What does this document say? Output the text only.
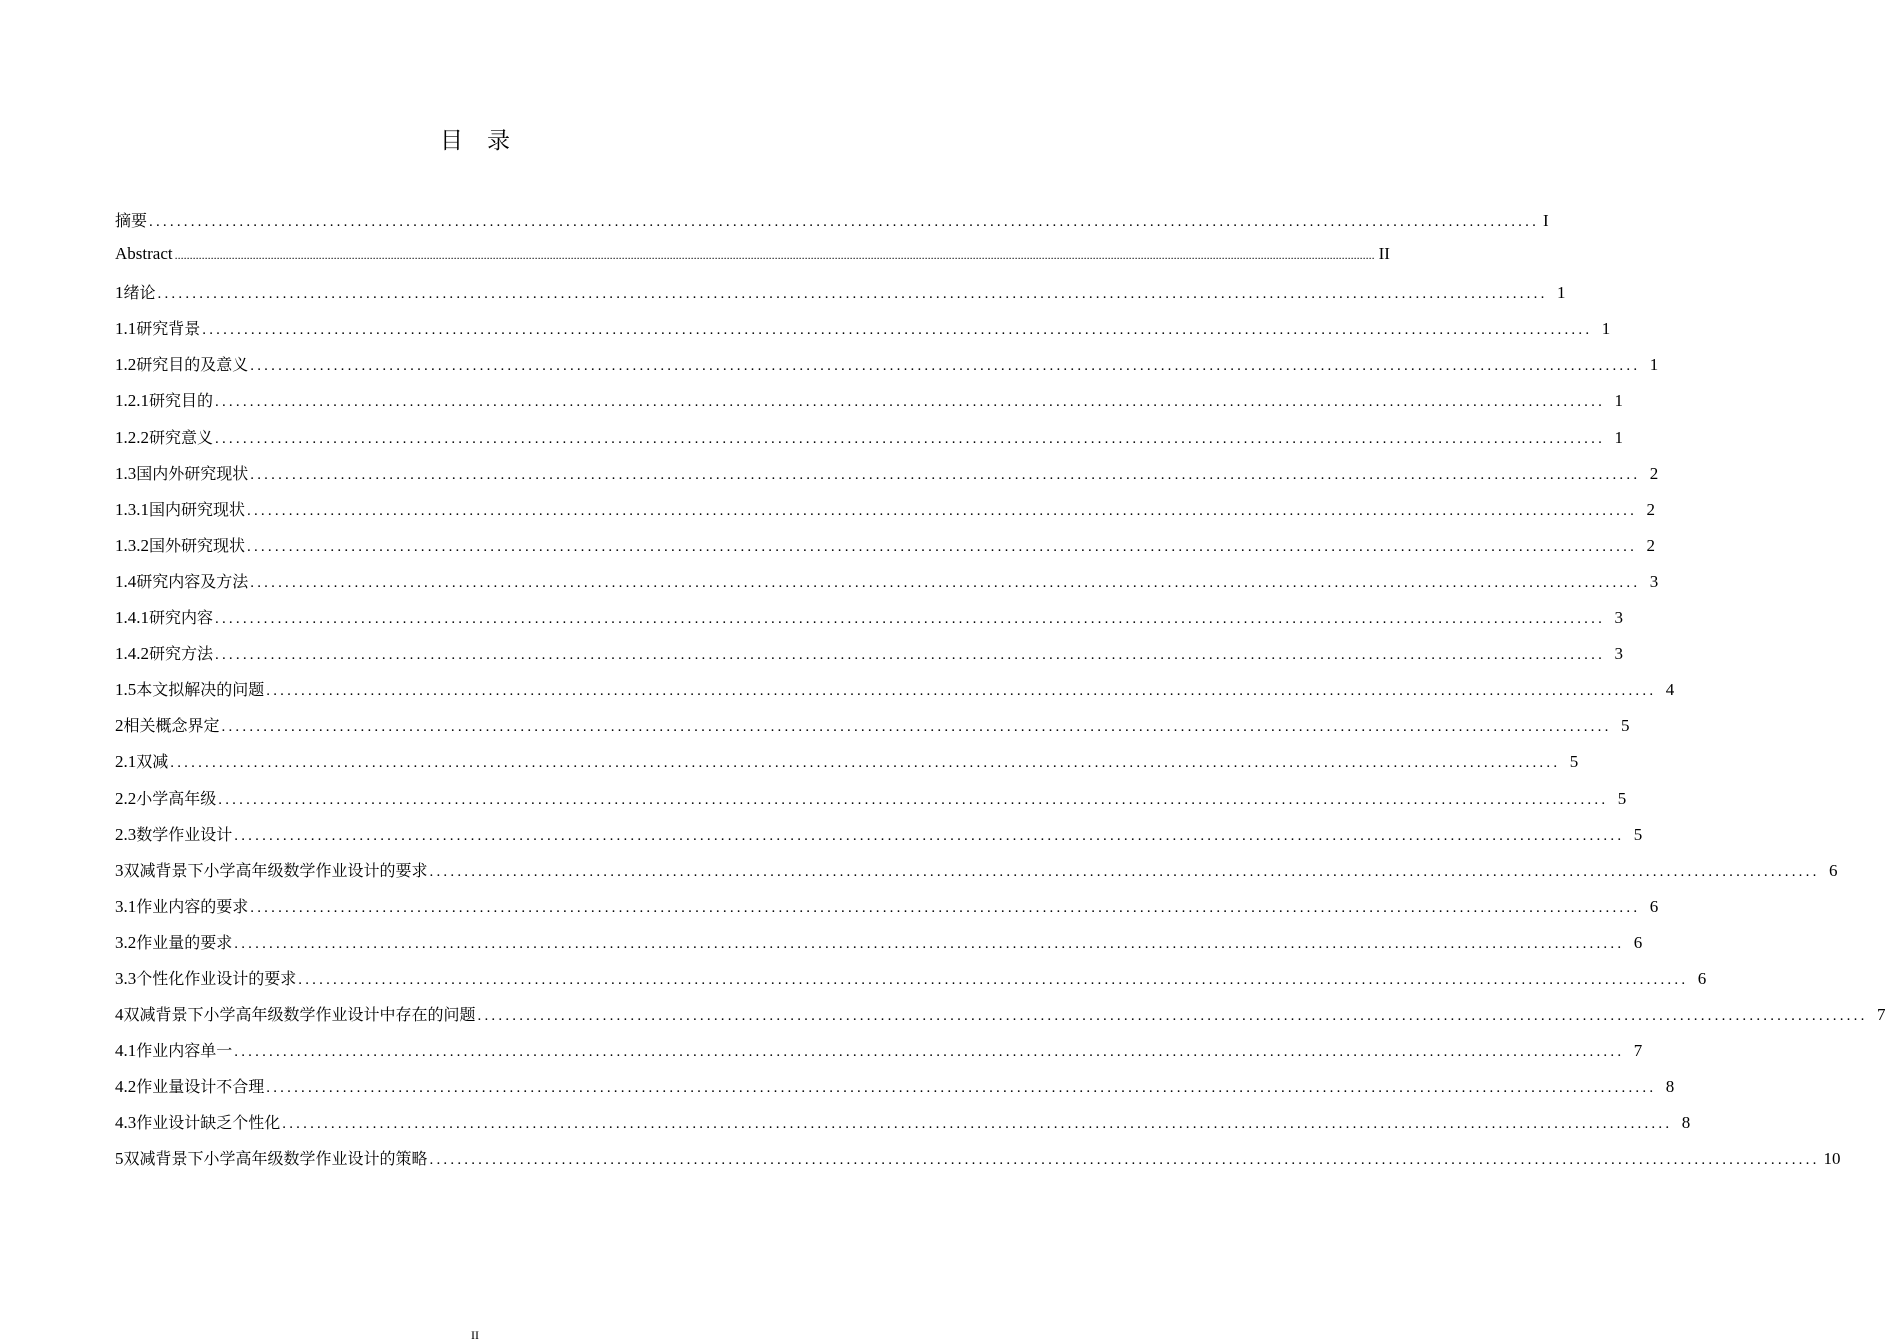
目 录
摘要 ........................................................................................................................................................................................................ I
Abstract ................................................................................................................................................................................................................................................................................................................................................................................................................ II
1 绪论 ........................................................................................................................................................................................................ 1
1.1 研究背景 ........................................................................................................................................................................................................ 1
1.2 研究目的及意义 ........................................................................................................................................................................................................ 1
1.2.1 研究目的 ........................................................................................................................................................................................................ 1
1.2.2 研究意义 ........................................................................................................................................................................................................ 1
1.3 国内外研究现状 ........................................................................................................................................................................................................ 2
1.3.1 国内研究现状 ........................................................................................................................................................................................................ 2
1.3.2 国外研究现状 ........................................................................................................................................................................................................ 2
1.4 研究内容及方法 ........................................................................................................................................................................................................ 3
1.4.1 研究内容 ........................................................................................................................................................................................................ 3
1.4.2 研究方法 ........................................................................................................................................................................................................ 3
1.5 本文拟解决的问题 ........................................................................................................................................................................................................ 4
2 相关概念界定 ........................................................................................................................................................................................................ 5
2.1 双减 ........................................................................................................................................................................................................ 5
2.2 小学高年级 ........................................................................................................................................................................................................ 5
2.3 数学作业设计 ........................................................................................................................................................................................................ 5
3 双减背景下小学高年级数学作业设计的要求 ........................................................................................................................................................................................................ 6
3.1 作业内容的要求 ........................................................................................................................................................................................................ 6
3.2 作业量的要求 ........................................................................................................................................................................................................ 6
3.3 个性化作业设计的要求 ........................................................................................................................................................................................................ 6
4 双减背景下小学高年级数学作业设计中存在的问题 ........................................................................................................................................................................................................ 7
4.1 作业内容单一 ........................................................................................................................................................................................................ 7
4.2 作业量设计不合理 ........................................................................................................................................................................................................ 8
4.3 作业设计缺乏个性化 ........................................................................................................................................................................................................ 8
5 双减背景下小学高年级数学作业设计的策略 ........................................................................................................................................................................................................ 10
II
